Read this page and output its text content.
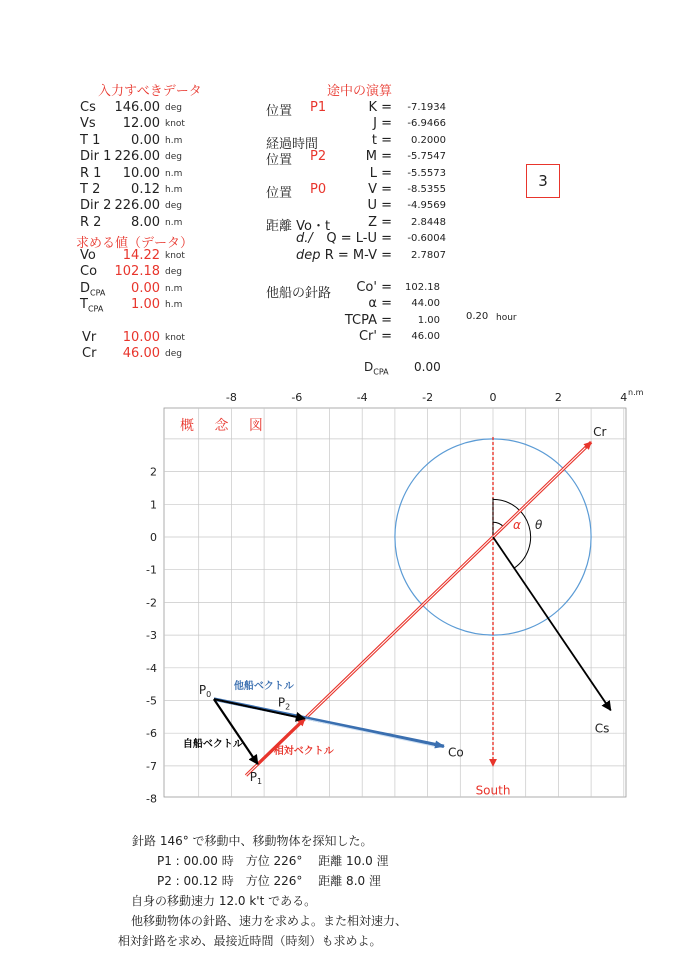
3
入力すべきデータ
Cs	146.00 deg
Vs	12.00 knot
T 1	0.00 h.m
Dir 1 226.00 deg
R 1	10.00 n.m
T 2	0.12 h.m
Dir 2 226.00 deg
R 2	8.00 n.m
求める値（データ）
Vo	14.22 knot
Co	102.18 deg
$D_{CPA}$	0.00 n.m
$T_{CPA}$	1.00 h.m
Vr	10.00 knot
Cr	46.00 deg
途中の演算
位置 P1	K =	-7.1934
J =	-6.9466
経過時間	t =	0.2000
位置 P2	M =	-5.7547
L =	-5.5573
位置 P0	V =	-8.5355
U =	-4.9569
距離 Vo・t	Z =	2.8448
d./	Q = L-U =	-0.6004
dep R = M-V =	2.7807
他船の針路	Co' =	102.18
α =	44.00
TCPA =	1.00
Cr' =	46.00
0.20 hour
$D_{CPA}$ 0.00
-8	-6	-4	-2	0	2	4
2
1
0
-1
-2
-3
-4
-5
-6
-7
-8
$P_0$
$P_1$
$P_2$
Cr
Cs
Co
South
α θ
他船ベクトル
自船ベクトル
相対ベクトル
概 念 図
n.m
針路 146° で移動中、移動物体を探知した。
P1 : 00.00 時　方位 226°　 距離 10.0 浬
P2 : 00.12 時　方位 226°　 距離 8.0 浬
自身の移動速力 12.0 k't である。
他移動物体の針路、速力を求めよ。また相対速力、
相対針路を求め、最接近時間（時刻）も求めよ。
